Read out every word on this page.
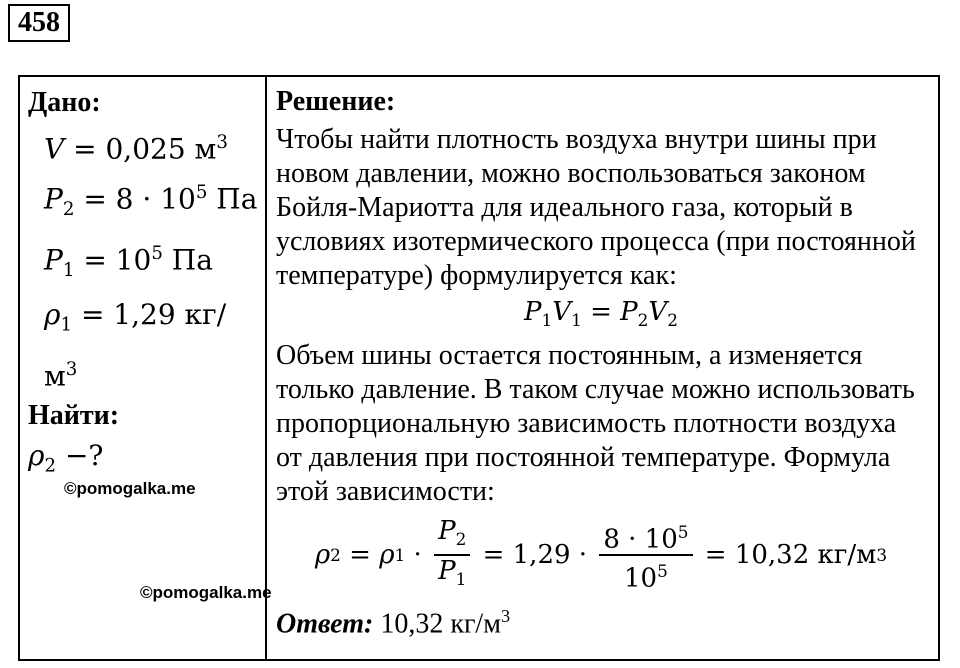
458
Дано:
V = 0,025 $м^3$
$P_2 = 8 \cdot 10^5$ Па
$P_1 = 10^5$ Па
$\rho_1 = 1,29$ $кг/м^3$
Найти:
$\rho_2$ −?
©pomogalka.me
©pomogalka.me
Решение:
Чтобы найти плотность воздуха внутри шины при новом давлении, можно воспользоваться законом Бойля-Мариотта для идеального газа, который в условиях изотермического процесса (при постоянной температуре) формулируется как:
$P_1V_1 = P_2V_2$
Объем шины остается постоянным, а изменяется только давление. В таком случае можно использовать пропорциональную зависимость плотности воздуха от давления при постоянной температуре. Формула этой зависимости:
ρ 2 = ρ $1 \cdot \frac{P_2}{P_1} = 1,29 \cdot \frac{8 \cdot 10^5}{10^5} = 10,32$ кг/м 3
Ответ: 10,32 $кг/м^3$
